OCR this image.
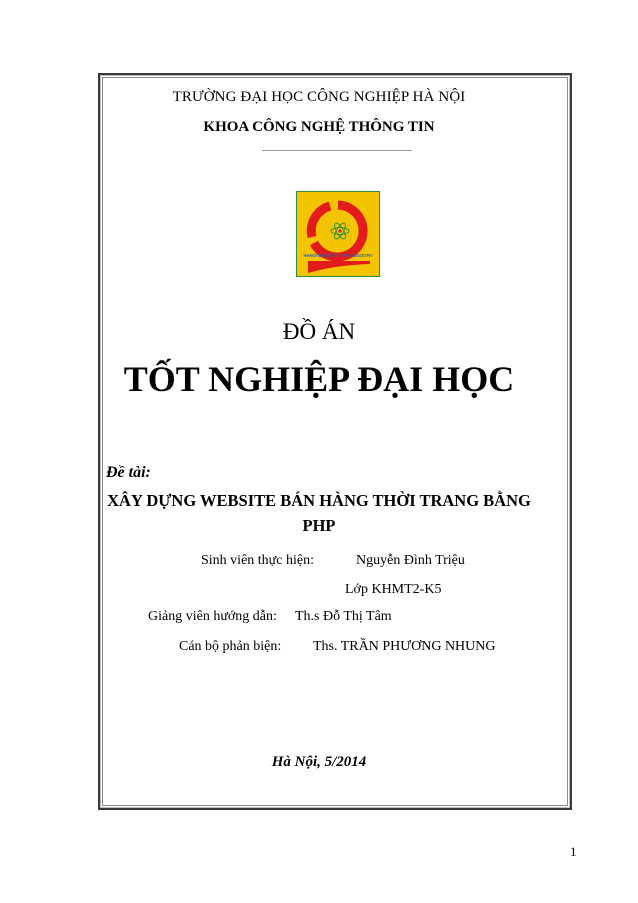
TRƯỜNG ĐẠI HỌC CÔNG NGHIỆP HÀ NỘI
KHOA CÔNG NGHỆ THÔNG TIN
HANOI UNIVERSITY OF INDUSTRY
ĐỒ ÁN
TỐT NGHIỆP ĐẠI HỌC
Đề tài:
XÂY DỰNG WEBSITE BÁN HÀNG THỜI TRANG BẰNG
PHP
Sinh viên thực hiện:	Nguyễn Đình Triệu
Lớp KHMT2-K5
Giảng viên hướng dẫn: Th.s Đỗ Thị Tâm
Cán bộ phản biện: Ths. TRẦN PHƯƠNG NHUNG
Hà Nội, 5/2014
1
